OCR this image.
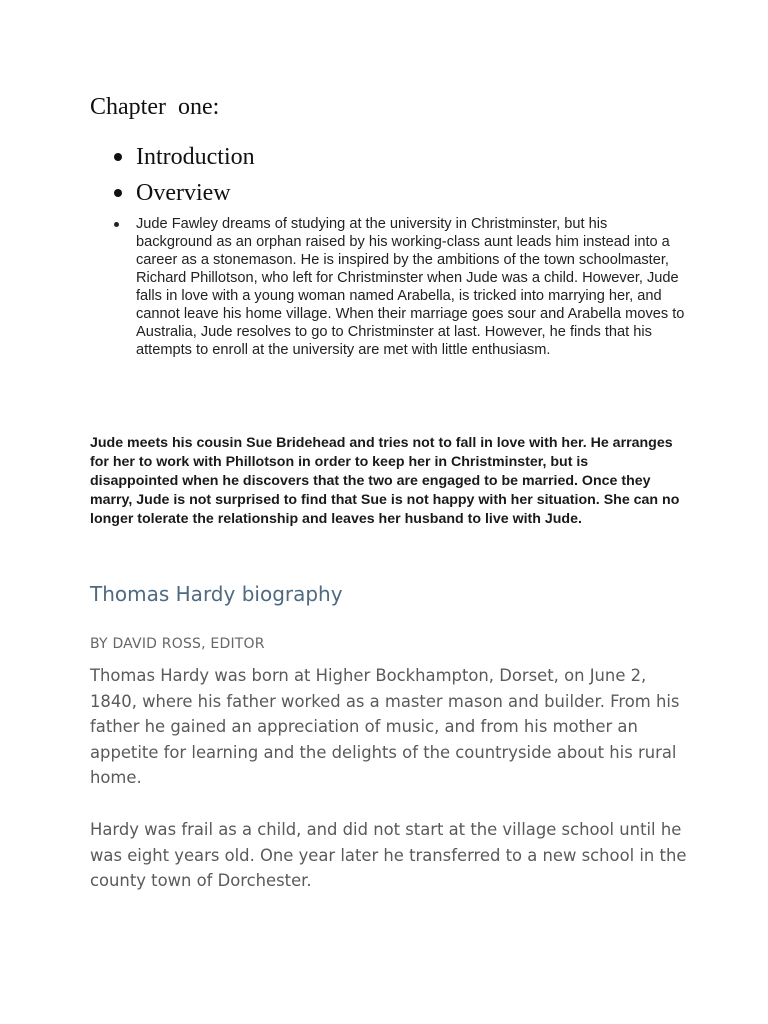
Chapter  one:
Introduction
Overview
Jude Fawley dreams of studying at the university in Christminster, but his background as an orphan raised by his working-class aunt leads him instead into a career as a stonemason. He is inspired by the ambitions of the town schoolmaster, Richard Phillotson, who left for Christminster when Jude was a child. However, Jude falls in love with a young woman named Arabella, is tricked into marrying her, and cannot leave his home village. When their marriage goes sour and Arabella moves to Australia, Jude resolves to go to Christminster at last. However, he finds that his attempts to enroll at the university are met with little enthusiasm.

Jude meets his cousin Sue Bridehead and tries not to fall in love with her. He arranges for her to work with Phillotson in order to keep her in Christminster, but is disappointed when he discovers that the two are engaged to be married. Once they marry, Jude is not surprised to find that Sue is not happy with her situation. She can no longer tolerate the relationship and leaves her husband to live with Jude.

Thomas Hardy biography

BY DAVID ROSS, EDITOR

Thomas Hardy was born at Higher Bockhampton, Dorset, on June 2, 1840, where his father worked as a master mason and builder. From his father he gained an appreciation of music, and from his mother an appetite for learning and the delights of the countryside about his rural home.

Hardy was frail as a child, and did not start at the village school until he was eight years old. One year later he transferred to a new school in the county town of Dorchester.
